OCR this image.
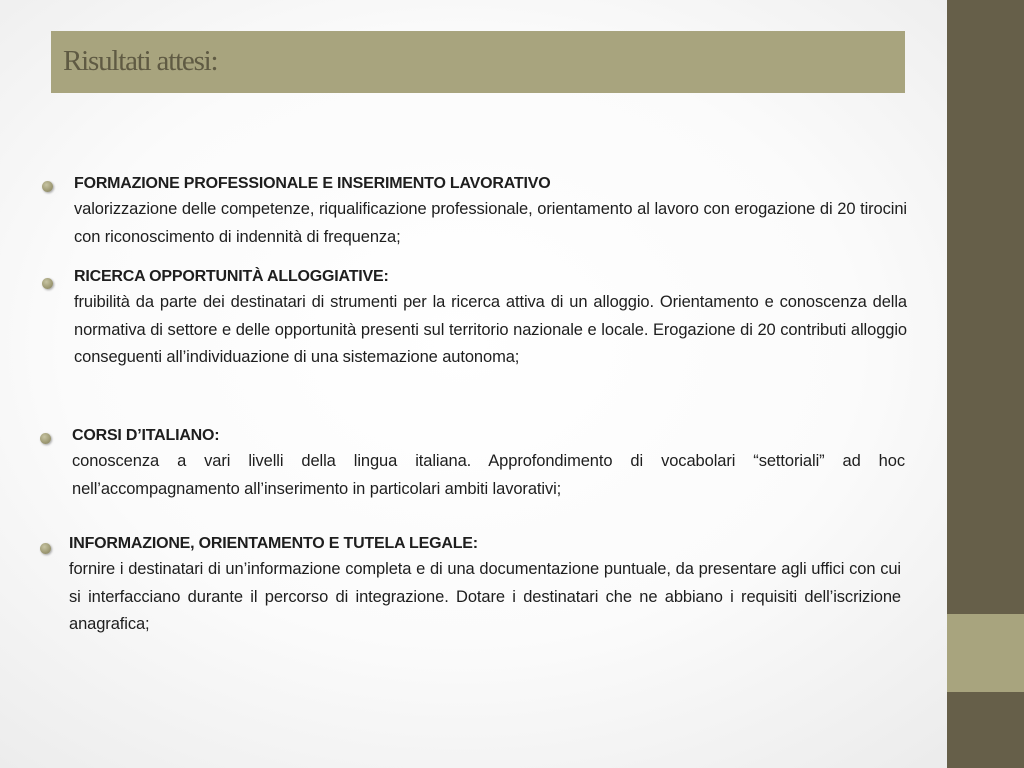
Risultati attesi:

FORMAZIONE PROFESSIONALE E INSERIMENTO LAVORATIVO

valorizzazione delle competenze, riqualificazione professionale, orientamento al lavoro con erogazione di 20 tirocini con riconoscimento di indennità di frequenza;

RICERCA OPPORTUNITÀ ALLOGGIATIVE:

fruibilità da parte dei destinatari di strumenti per la ricerca attiva di un alloggio. Orientamento e conoscenza della normativa di settore e delle opportunità presenti sul territorio nazionale e locale. Erogazione di 20 contributi alloggio conseguenti all’individuazione di una sistemazione autonoma;

CORSI D’ITALIANO:

conoscenza a vari livelli della lingua italiana. Approfondimento di vocabolari “settoriali” ad hoc nell’accompagnamento all’inserimento in particolari ambiti lavorativi;

INFORMAZIONE, ORIENTAMENTO E TUTELA LEGALE:

fornire i destinatari di un’informazione completa e di una documentazione puntuale, da presentare agli uffici con cui si interfacciano durante il percorso di integrazione. Dotare i destinatari che ne abbiano i requisiti dell’iscrizione anagrafica;
